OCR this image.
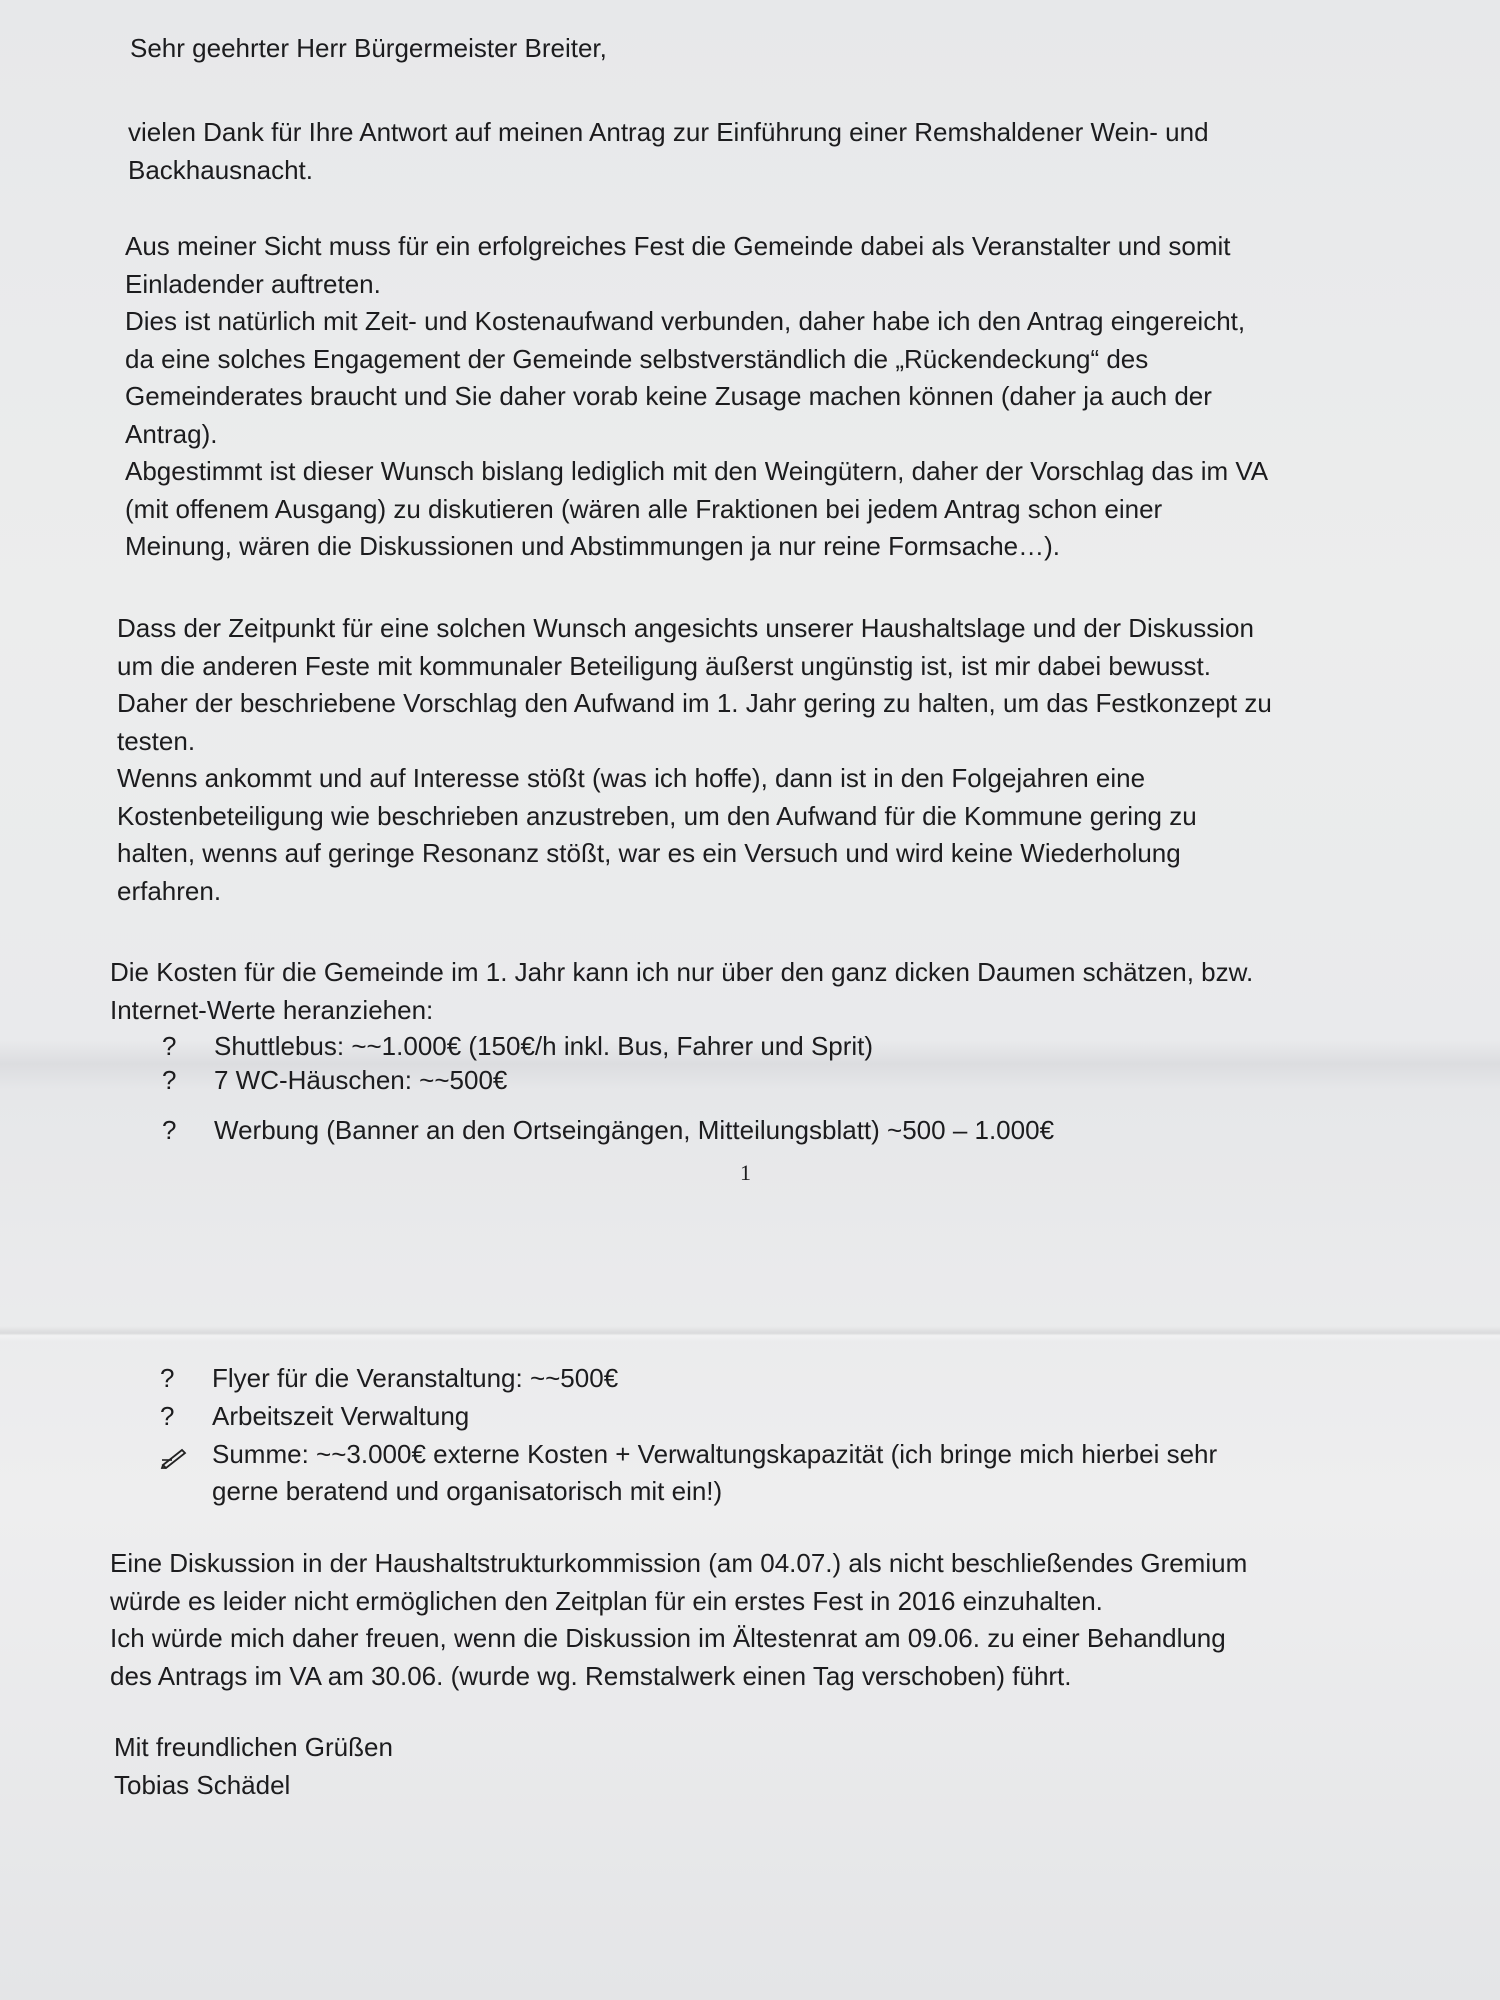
Sehr geehrter Herr Bürgermeister Breiter,

vielen Dank für Ihre Antwort auf meinen Antrag zur Einführung einer Remshaldener Wein- und

Backhausnacht.

Aus meiner Sicht muss für ein erfolgreiches Fest die Gemeinde dabei als Veranstalter und somit

Einladender auftreten.

Dies ist natürlich mit Zeit- und Kostenaufwand verbunden, daher habe ich den Antrag eingereicht,

da eine solches Engagement der Gemeinde selbstverständlich die „Rückendeckung“ des

Gemeinderates braucht und Sie daher vorab keine Zusage machen können (daher ja auch der

Antrag).

Abgestimmt ist dieser Wunsch bislang lediglich mit den Weingütern, daher der Vorschlag das im VA

(mit offenem Ausgang) zu diskutieren (wären alle Fraktionen bei jedem Antrag schon einer

Meinung, wären die Diskussionen und Abstimmungen ja nur reine Formsache…).

Dass der Zeitpunkt für eine solchen Wunsch angesichts unserer Haushaltslage und der Diskussion

um die anderen Feste mit kommunaler Beteiligung äußerst ungünstig ist, ist mir dabei bewusst.

Daher der beschriebene Vorschlag den Aufwand im 1. Jahr gering zu halten, um das Festkonzept zu

testen.

Wenns ankommt und auf Interesse stößt (was ich hoffe), dann ist in den Folgejahren eine

Kostenbeteiligung wie beschrieben anzustreben, um den Aufwand für die Kommune gering zu

halten, wenns auf geringe Resonanz stößt, war es ein Versuch und wird keine Wiederholung

erfahren.

Die Kosten für die Gemeinde im 1. Jahr kann ich nur über den ganz dicken Daumen schätzen, bzw.

Internet-Werte heranziehen:

?	Shuttlebus: ~~1.000€ (150€/h inkl. Bus, Fahrer und Sprit)
?	7 WC-Häuschen: ~~500€
?	Werbung (Banner an den Ortseingängen, Mitteilungsblatt) ~500 – 1.000€
1
?	Flyer für die Veranstaltung: ~~500€
?	Arbeitszeit Verwaltung
Summe: ~~3.000€ externe Kosten + Verwaltungskapazität (ich bringe mich hierbei sehr
gerne beratend und organisatorisch mit ein!)

Eine Diskussion in der Haushaltstrukturkommission (am 04.07.) als nicht beschließendes Gremium

würde es leider nicht ermöglichen den Zeitplan für ein erstes Fest in 2016 einzuhalten.

Ich würde mich daher freuen, wenn die Diskussion im Ältestenrat am 09.06. zu einer Behandlung

des Antrags im VA am 30.06. (wurde wg. Remstalwerk einen Tag verschoben) führt.

Mit freundlichen Grüßen

Tobias Schädel
